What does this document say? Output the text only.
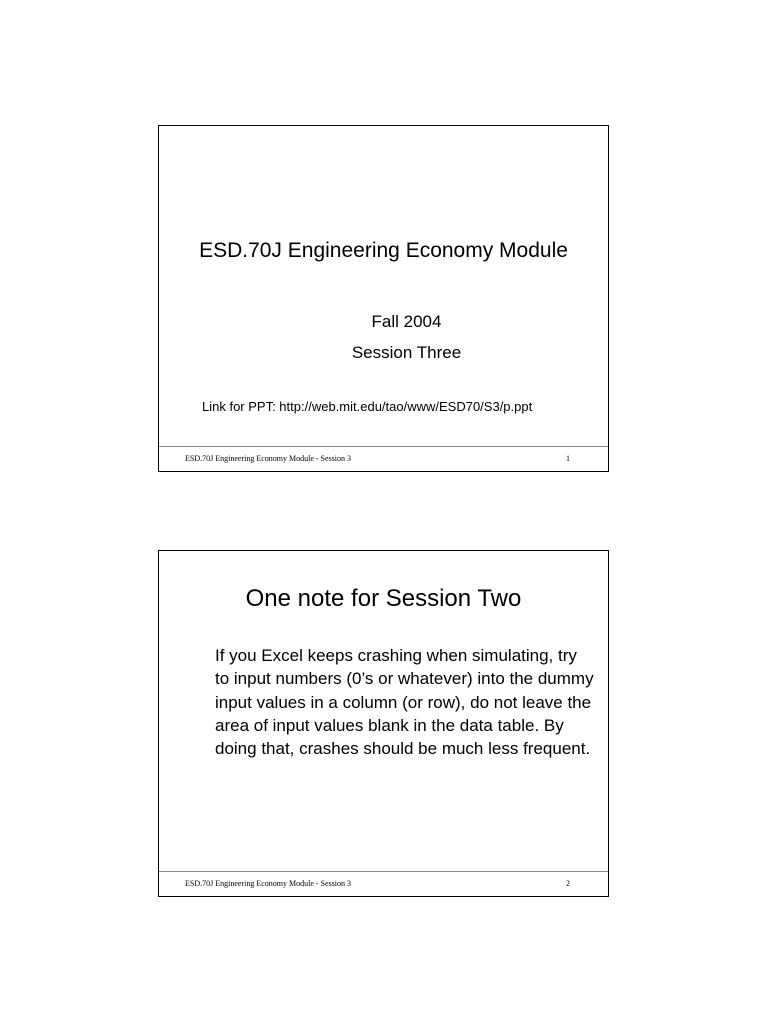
ESD.70J Engineering Economy Module
Fall 2004
Session Three
Link for PPT: http://web.mit.edu/tao/www/ESD70/S3/p.ppt
ESD.70J Engineering Economy Module - Session 3	1
One note for Session Two

If you Excel keeps crashing when simulating, try to input numbers (0’s or whatever) into the dummy input values in a column (or row), do not leave the area of input values blank in the data table. By doing that, crashes should be much less frequent.

ESD.70J Engineering Economy Module - Session 3	2
